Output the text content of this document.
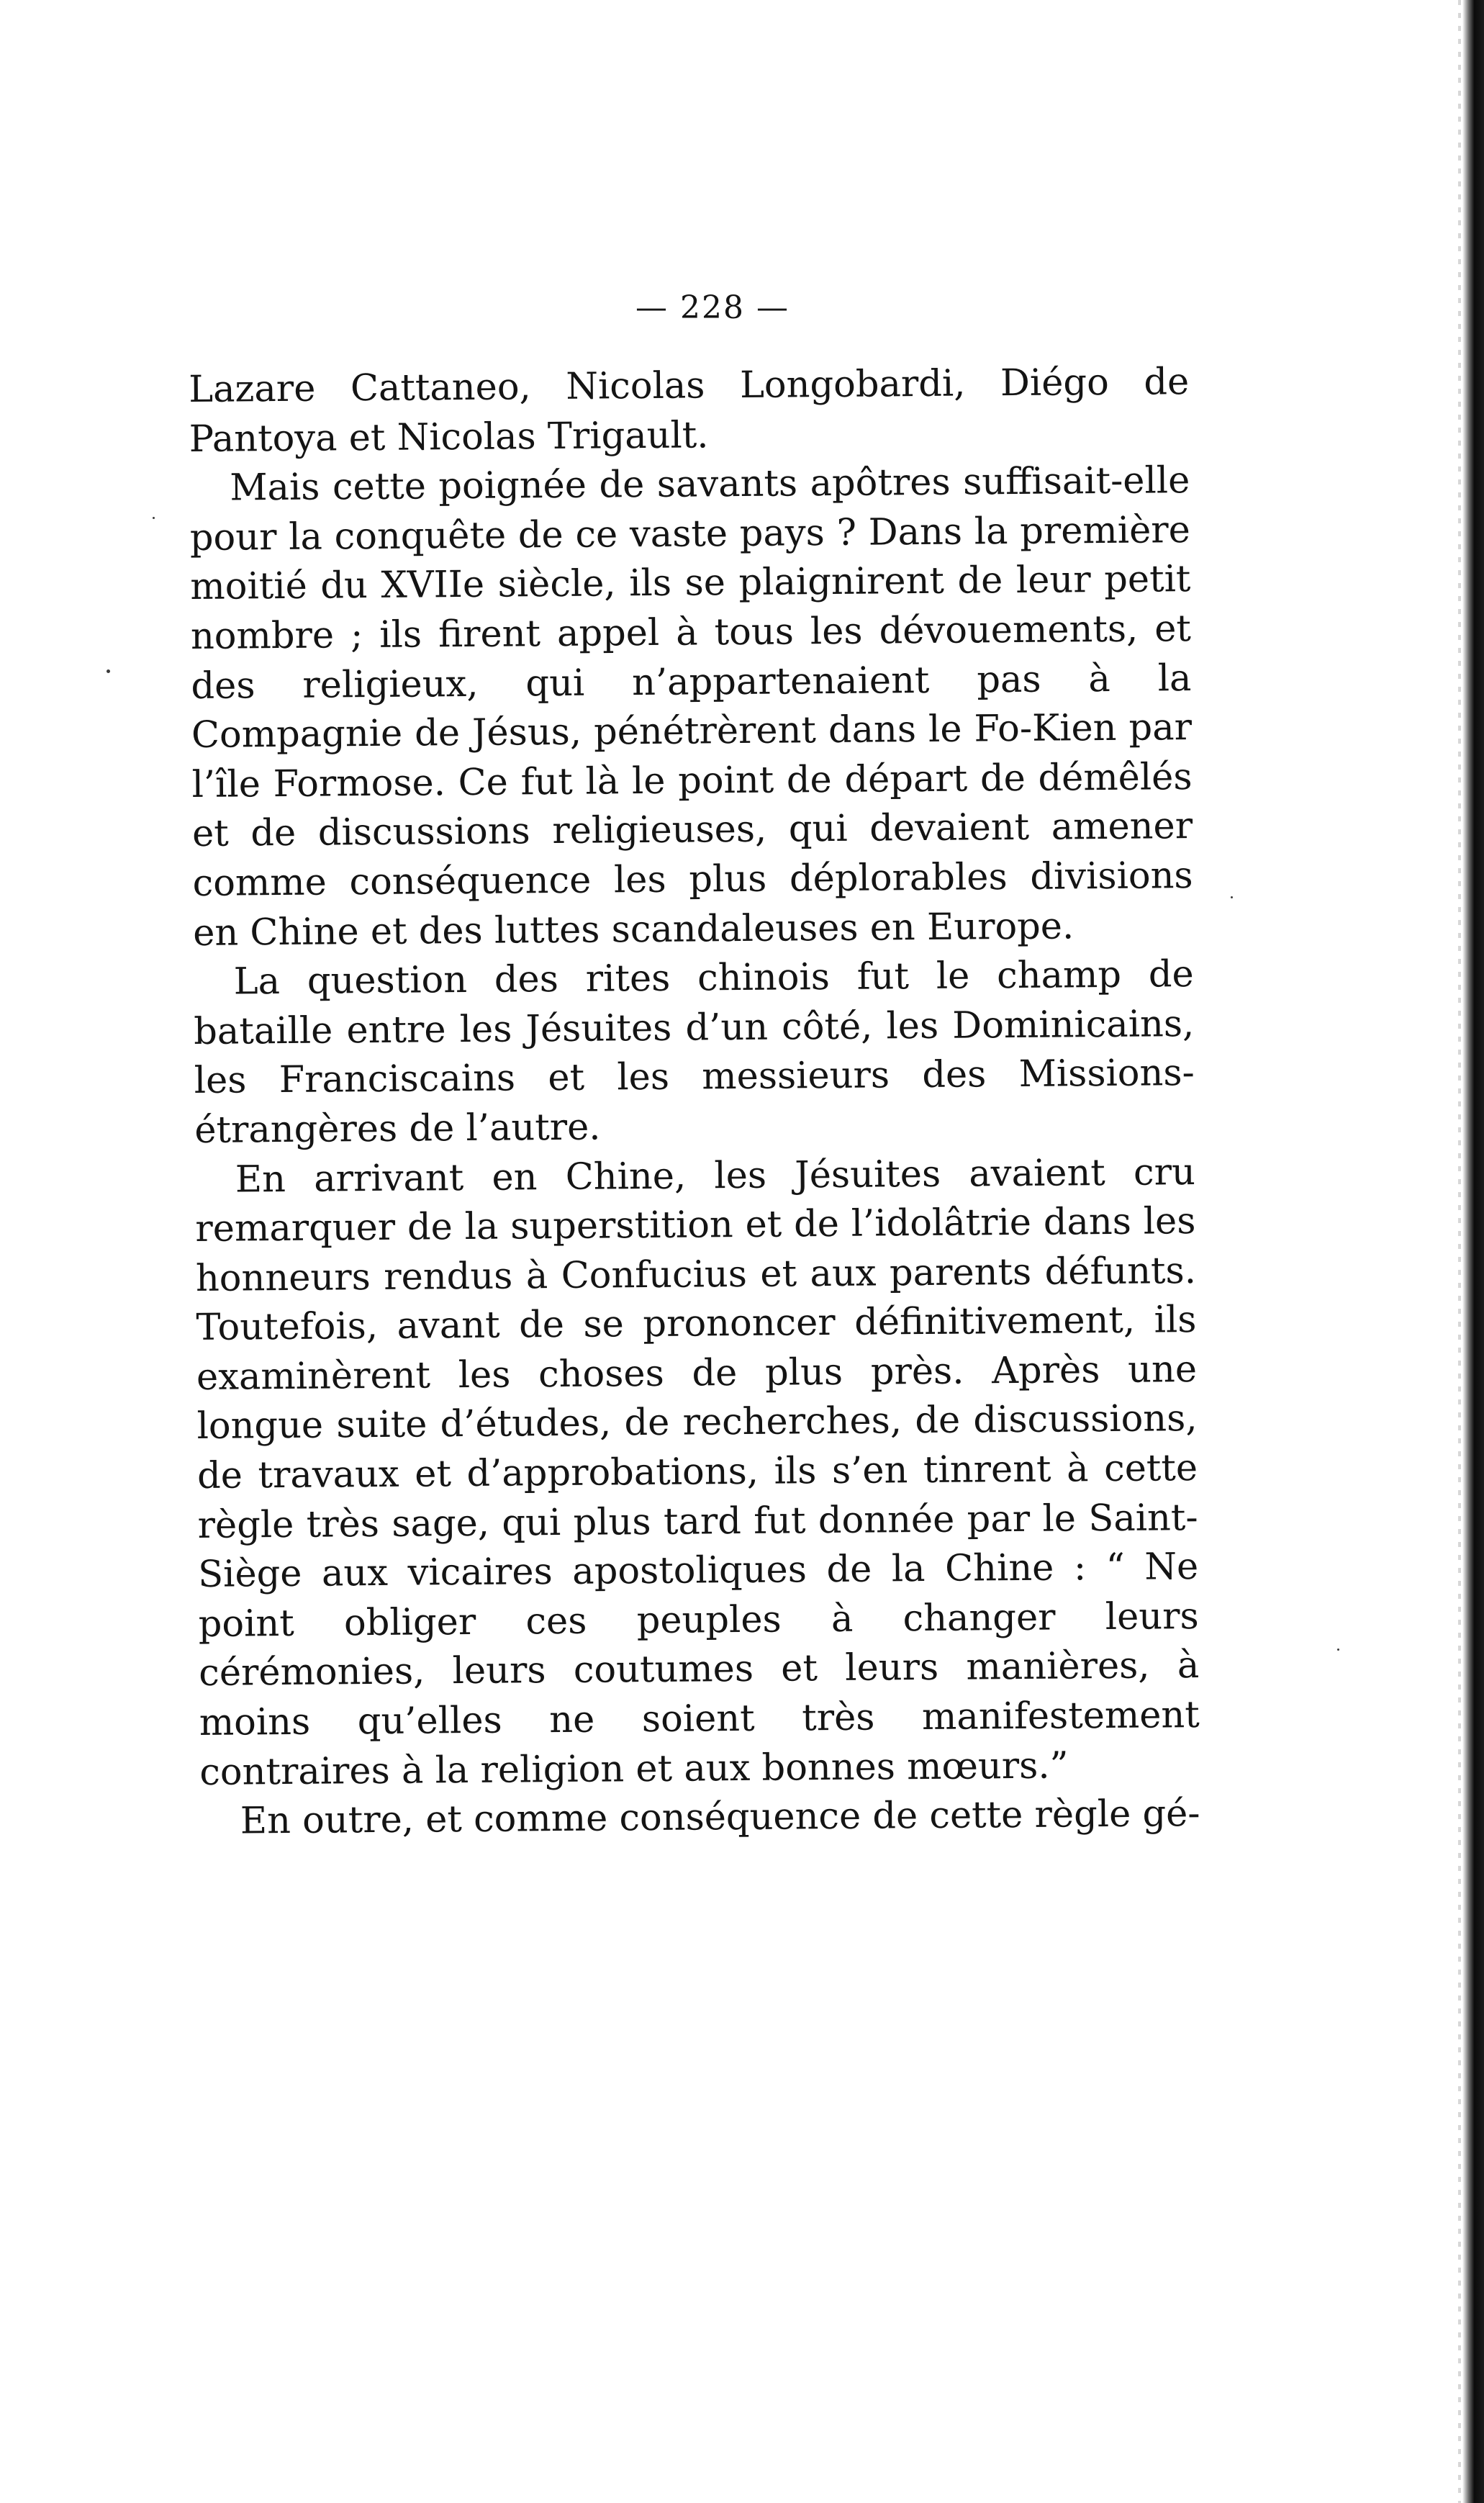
— 228 —

Lazare Cattaneo, Nicolas Longobardi, Diégo de Pantoya et Nicolas Trigault.

Mais cette poignée de savants apôtres suffisait-elle pour la conquête de ce vaste pays ? Dans la première moitié du XVIIe siècle, ils se plaignirent de leur petit nombre ; ils firent appel à tous les dévouements, et des religieux, qui n’appartenaient pas à la Compagnie de Jésus, pénétrèrent dans le Fo-Kien par l’île Formose. Ce fut là le point de départ de démêlés et de discussions religieuses, qui devaient amener comme conséquence les plus déplorables divisions en Chine et des luttes scandaleuses en Europe.

La question des rites chinois fut le champ de bataille entre les Jésuites d’un côté, les Dominicains, les Franciscains et les messieurs des Missions-étrangères de l’autre.

En arrivant en Chine, les Jésuites avaient cru remarquer de la superstition et de l’idolâtrie dans les honneurs rendus à Confucius et aux parents défunts. Toutefois, avant de se prononcer définitivement, ils examinèrent les choses de plus près. Après une longue suite d’études, de recherches, de discussions, de travaux et d’approbations, ils s’en tinrent à cette règle très sage, qui plus tard fut donnée par le Saint-Siège aux vicaires apostoliques de la Chine : “ Ne point obliger ces peuples à changer leurs cérémonies, leurs coutumes et leurs manières, à moins qu’elles ne soient très manifestement contraires à la religion et aux bonnes mœurs.”

En outre, et comme conséquence de cette règle gé-
